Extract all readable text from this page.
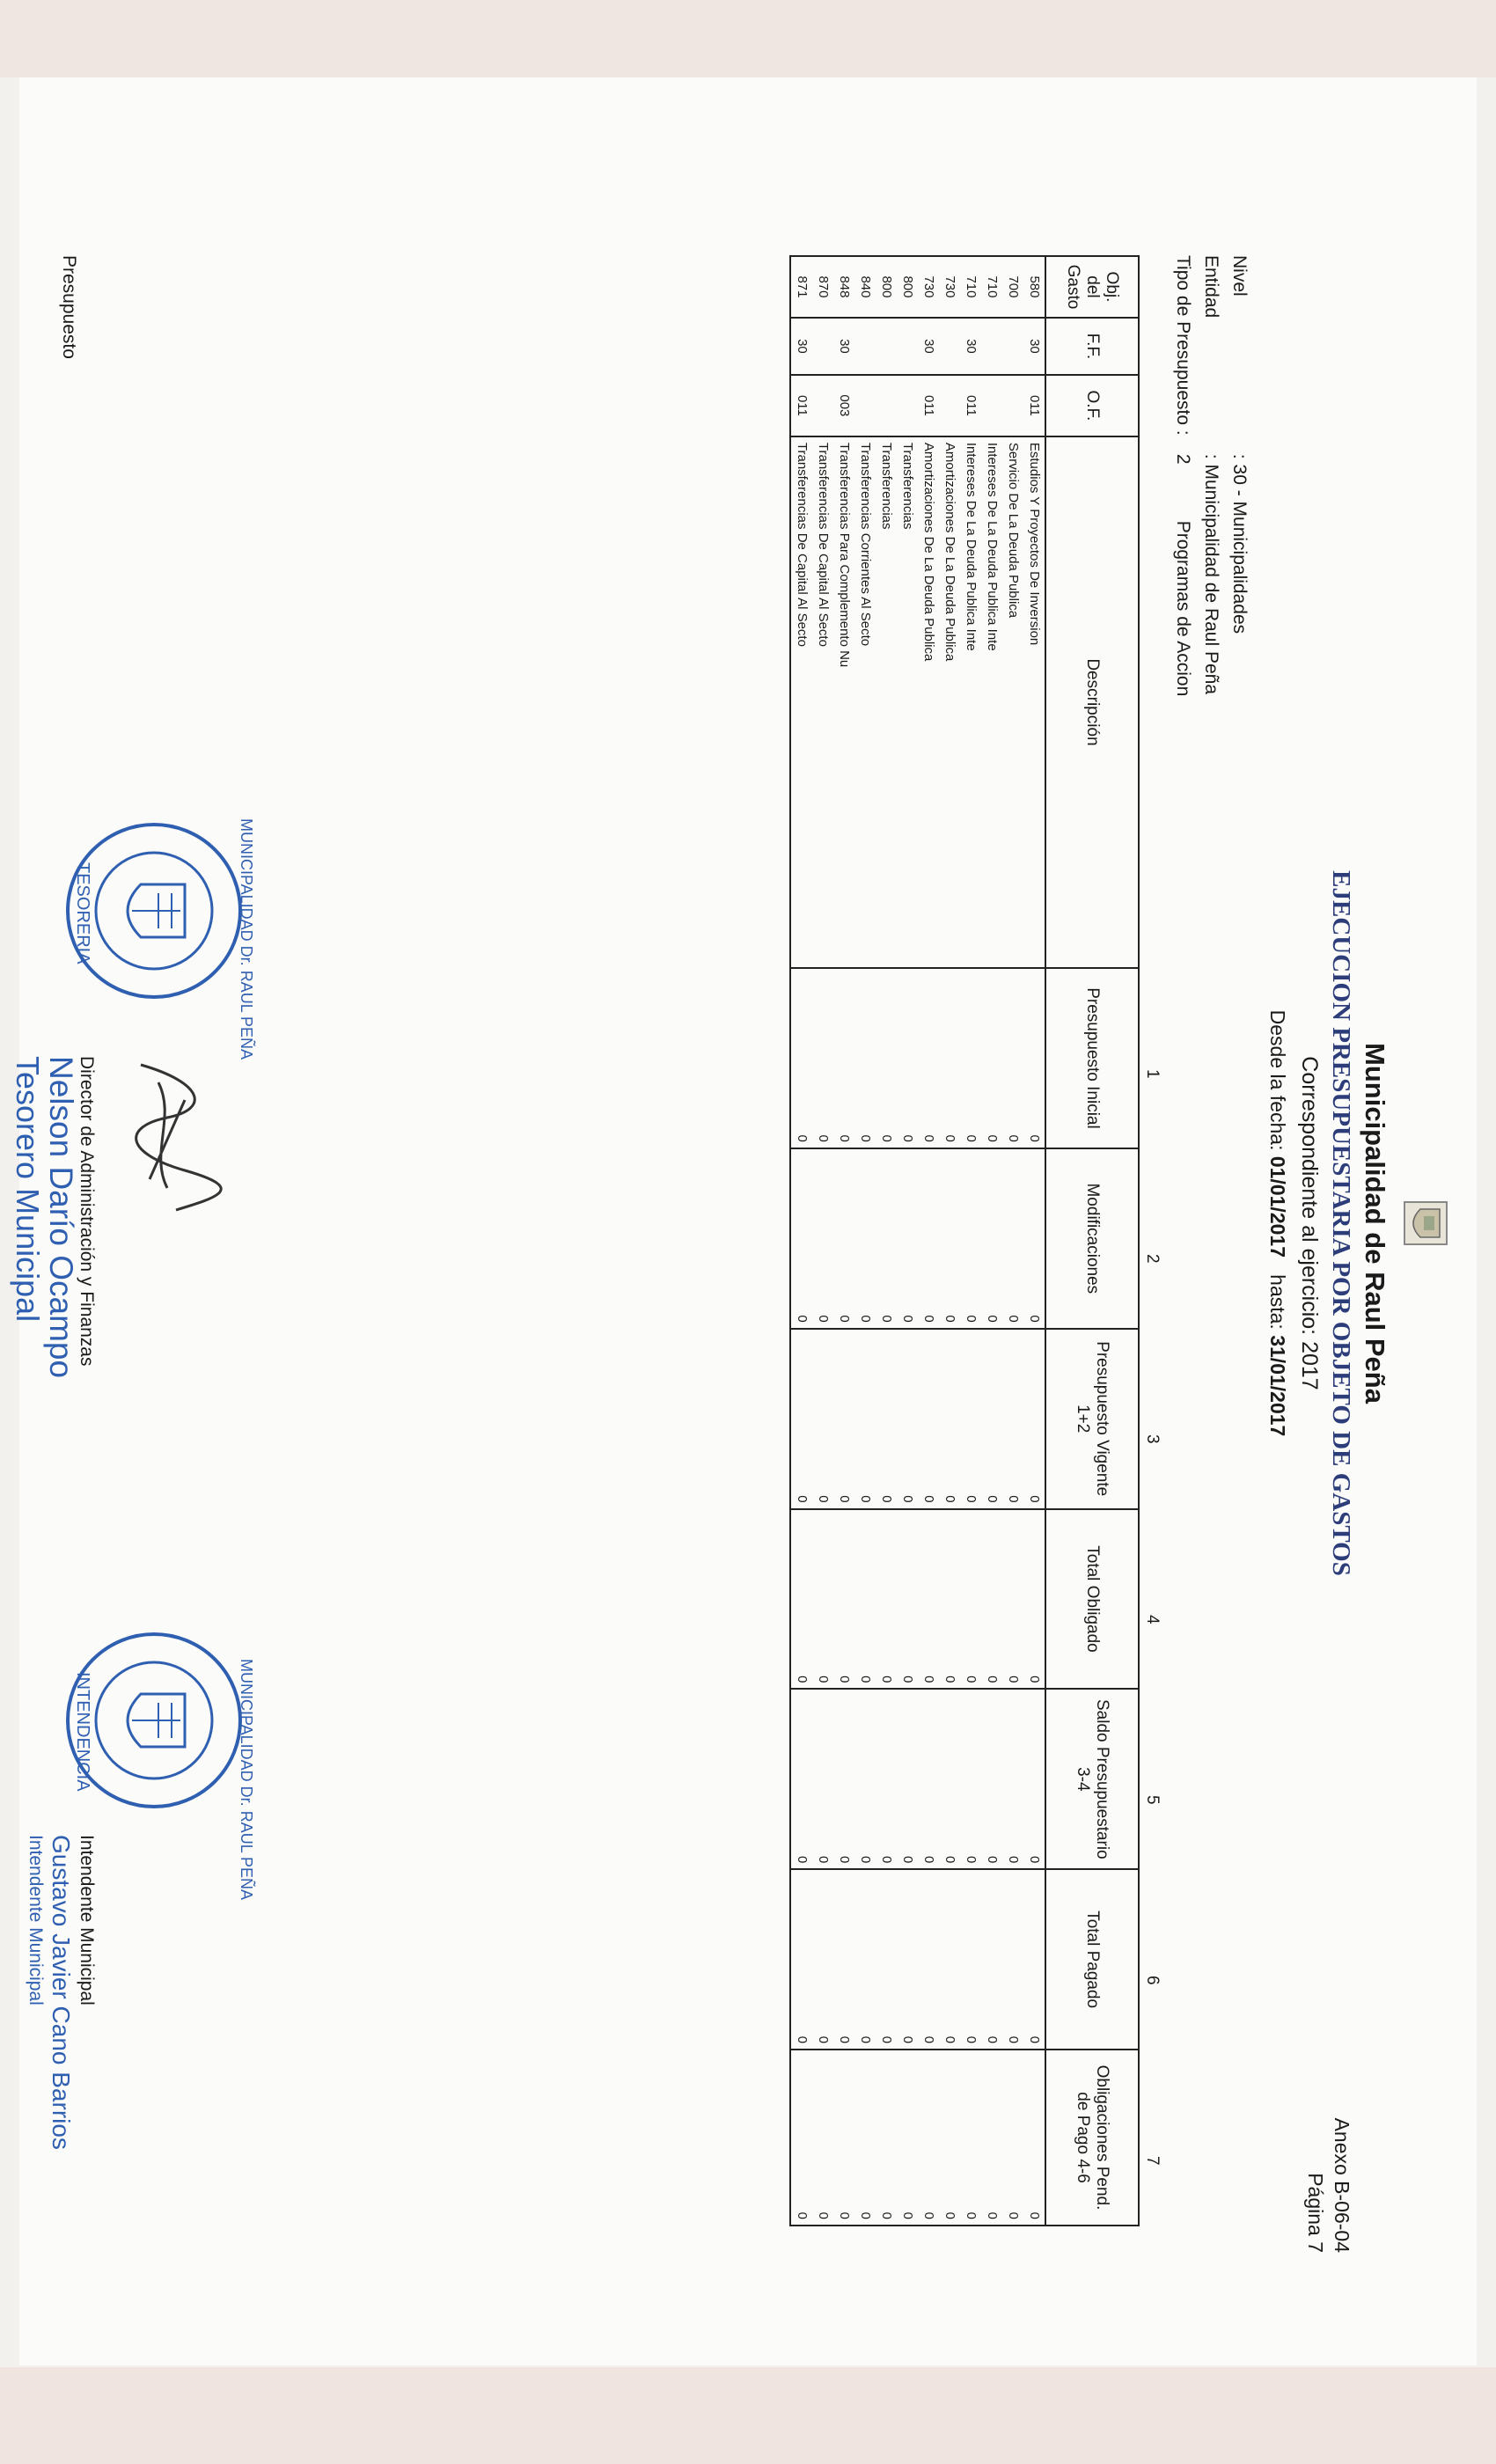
Municipalidad de Raul Peña
EJECUCION PRESUPUESTARIA POR OBJETO DE GASTOS
Correspondiente al ejercicio: 2017
Desde la fecha: 01/01/2017   hasta: 31/01/2017
Anexo B-06-04
Página 7
Nivel : 30 - Municipalidades
Entidad : Municipalidad de Raul Peña
Tipo de Presupuesto : 2 Programas de Accion
1
2
3
4
5
6
7
Obj. del Gasto	F.F.	O.F.	Descripción	Presupuesto Inicial	Modificaciones	Presupuesto Vigente 1+2	Total Obligado	Saldo Presupuestario 3-4	Total Pagado	Obligaciones Pend. de Pago 4-6
580	30	011	Estudios Y Proyectos De Inversion	0	0	0	0	0	0	0
700			Servicio De La Deuda Publica	0	0	0	0	0	0	0
710			Intereses De La Deuda Publica Inte	0	0	0	0	0	0	0
710	30	011	Intereses De La Deuda Publica Inte	0	0	0	0	0	0	0
730			Amortizaciones De La Deuda Publica	0	0	0	0	0	0	0
730	30	011	Amortizaciones De La Deuda Publica	0	0	0	0	0	0	0
800			Transferencias	0	0	0	0	0	0	0
800			Transferencias	0	0	0	0	0	0	0
840			Transferencias Corrientes Al Secto	0	0	0	0	0	0	0
848	30	003	Transferencias Para Complemento Nu	0	0	0	0	0	0	0
870			Transferencias De Capital Al Secto	0	0	0	0	0	0	0
871	30	011	Transferencias De Capital Al Secto	0	0	0	0	0	0	0
Presupuesto
TESORERIA	MUNICIPALIDAD Dr. RAUL PEÑA
Director de Administración y Finanzas
Nelson Darío Ocampo
Tesorero Municipal
MUNICIPALIDAD Dr. RAUL PEÑA
INTENDENCIA
Intendente Municipal
Gustavo Javier Cano Barrios
Intendente Municipal
